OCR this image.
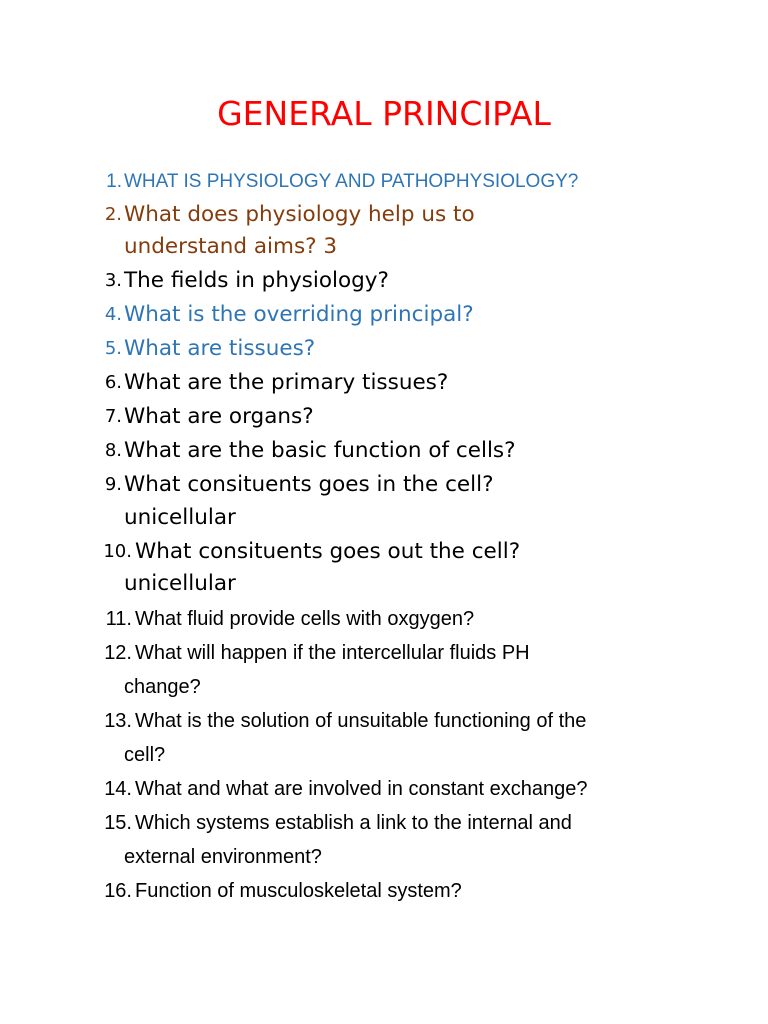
GENERAL PRINCIPAL
1. WHAT IS PHYSIOLOGY AND PATHOPHYSIOLOGY?
2. What does physiology help us to
understand aims? 3
3. The fields in physiology?
4. What is the overriding principal?
5. What are tissues?
6. What are the primary tissues?
7. What are organs?
8. What are the basic function of cells?
9. What consituents goes in the cell?
unicellular
10. What consituents goes out the cell?
unicellular
11. What fluid provide cells with oxgygen?
12. What will happen if the intercellular fluids PH
change?
13. What is the solution of unsuitable functioning of the
cell?
14. What and what are involved in constant exchange?
15. Which systems establish a link to the internal and
external environment?
16. Function of musculoskeletal system?
